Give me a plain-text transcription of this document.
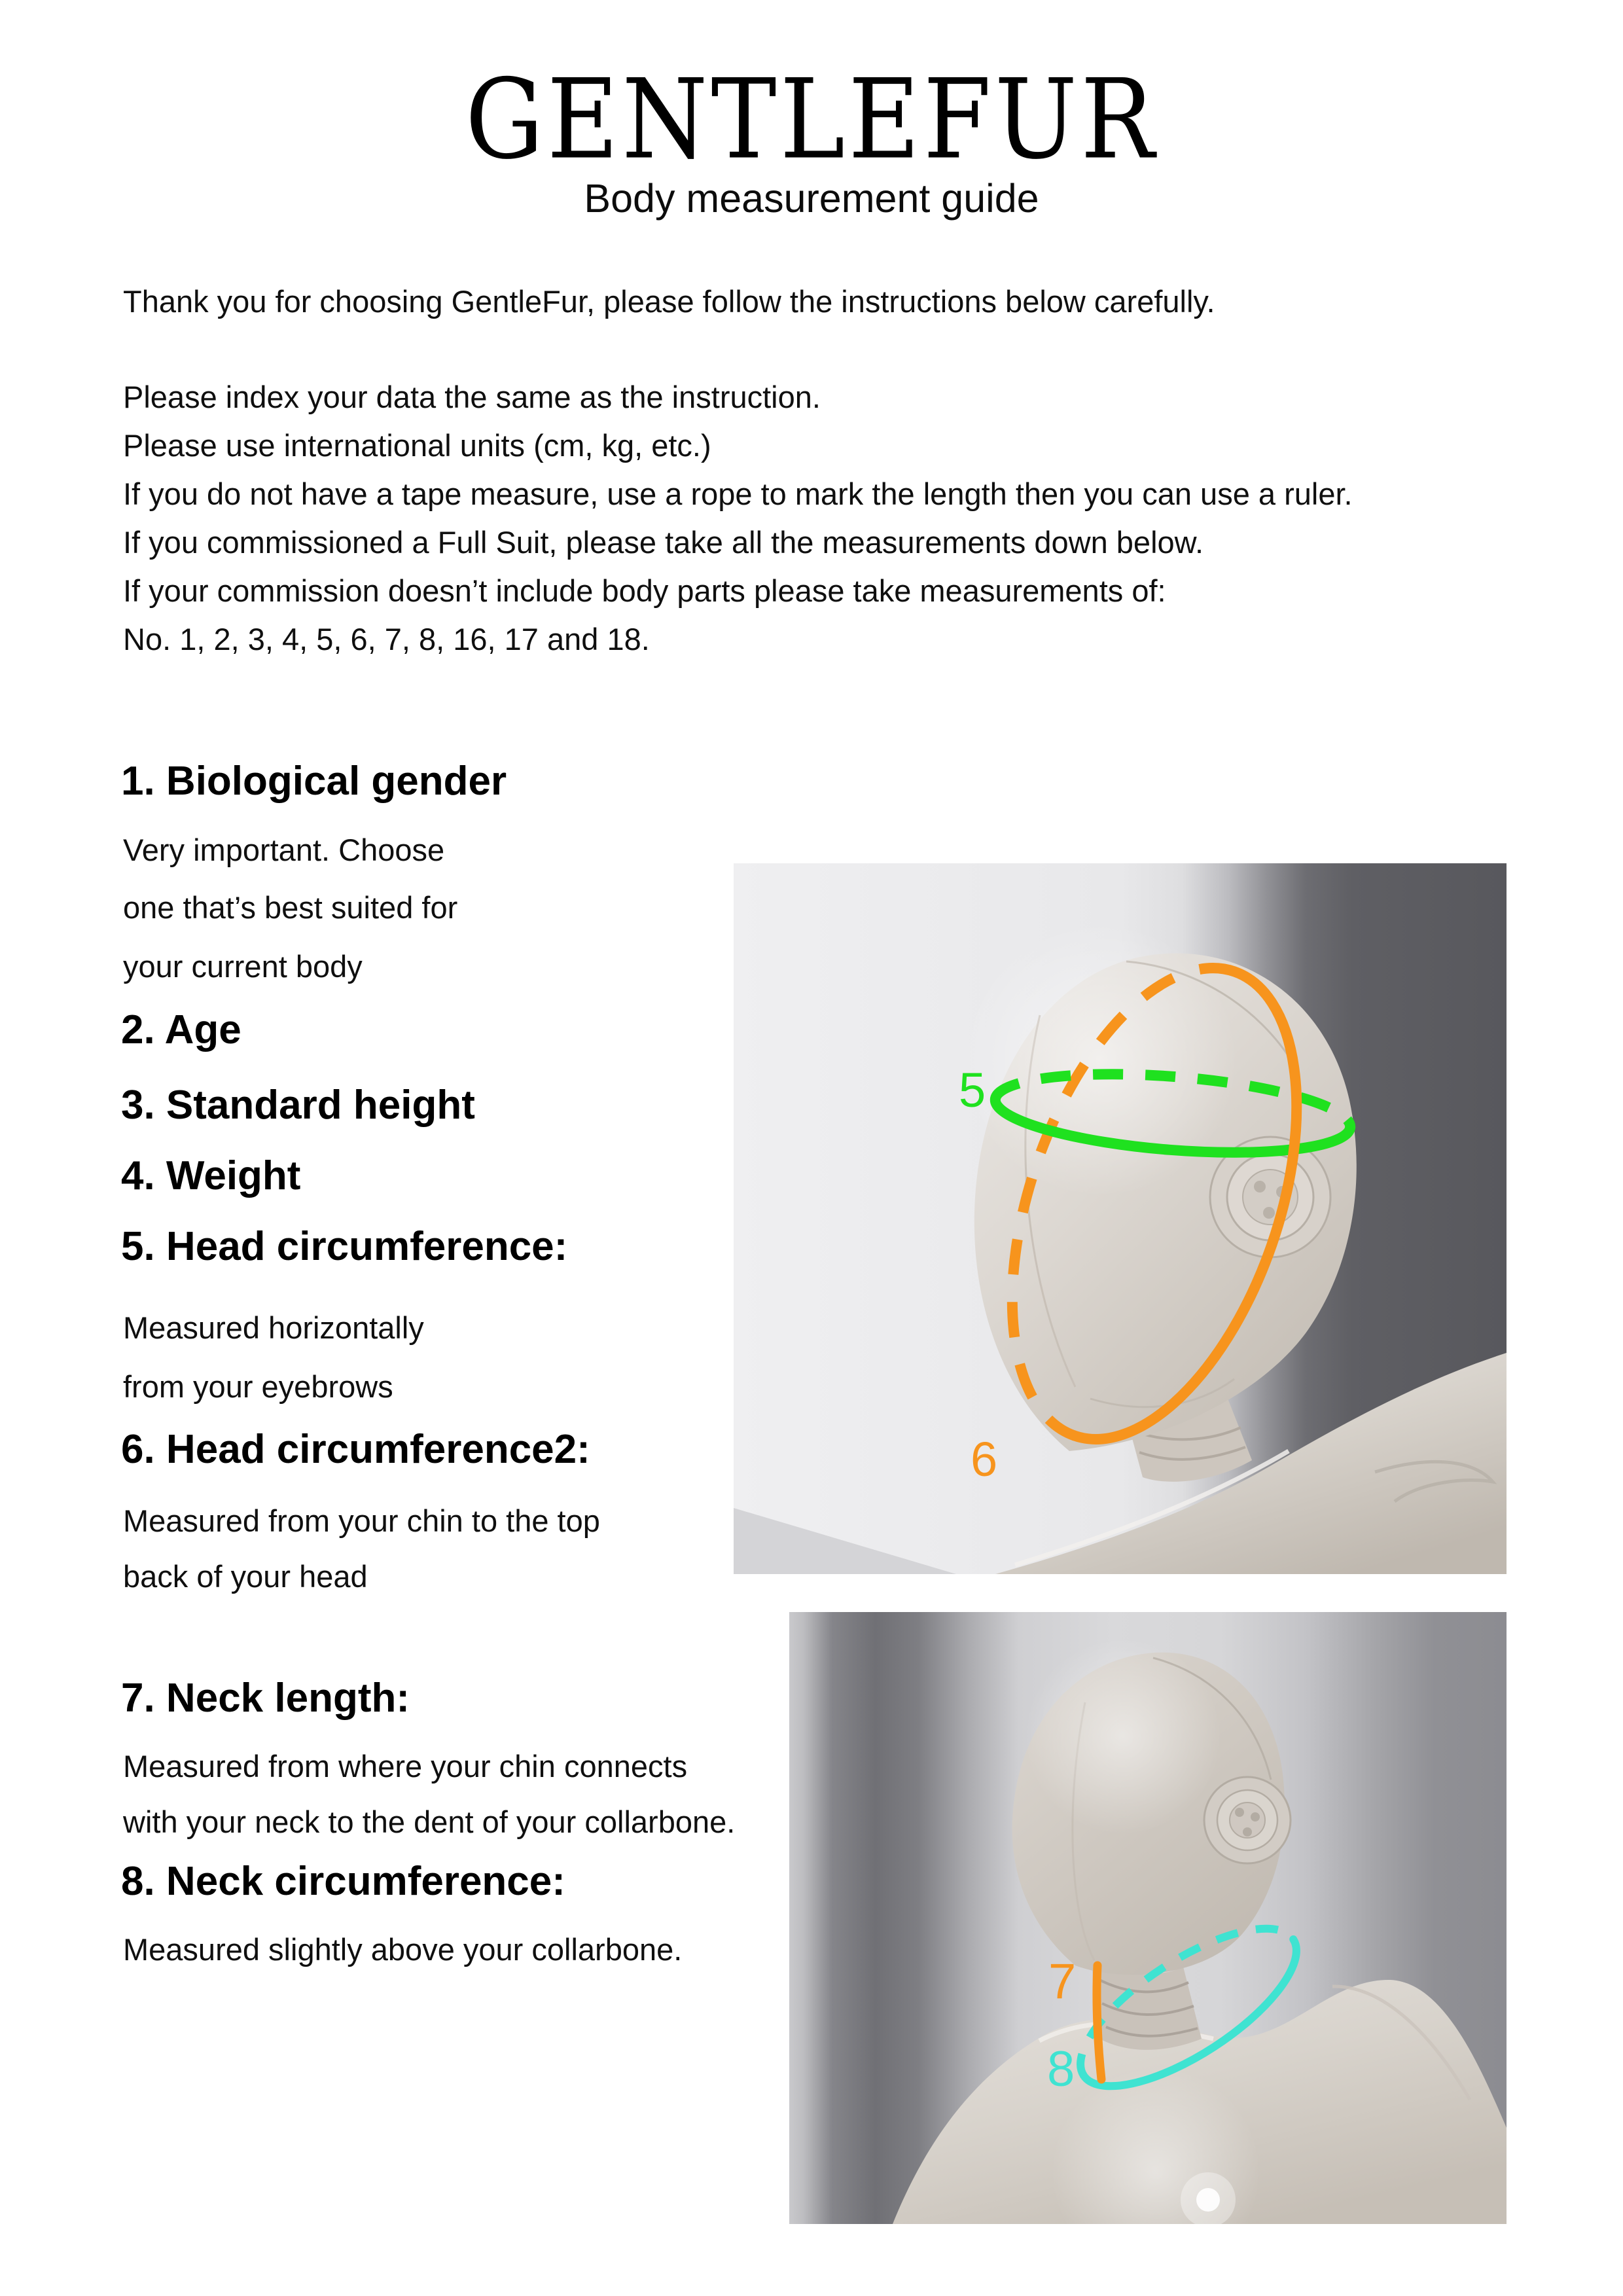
GENTLEFUR
Body measurement guide

Thank you for choosing GentleFur, please follow the instructions below carefully.

Please index your data the same as the instruction.

Please use international units (cm, kg, etc.)

If you do not have a tape measure, use a rope to mark the length then you can use a ruler.

If you commissioned a Full Suit, please take all the measurements down below.

If your commission doesn’t include body parts please take measurements of:

No. 1, 2, 3, 4, 5, 6, 7, 8, 16, 17 and 18.

1. Biological gender

Very important. Choose

one that’s best suited for

your current body

2. Age
3. Standard height
4. Weight
5. Head circumference:

Measured horizontally

from your eyebrows

6. Head circumference2:

Measured from your chin to the top

back of your head

7. Neck length:

Measured from where your chin connects

with your neck to the dent of your collarbone.

8. Neck circumference:

Measured slightly above your collarbone.

5
6
7
8
